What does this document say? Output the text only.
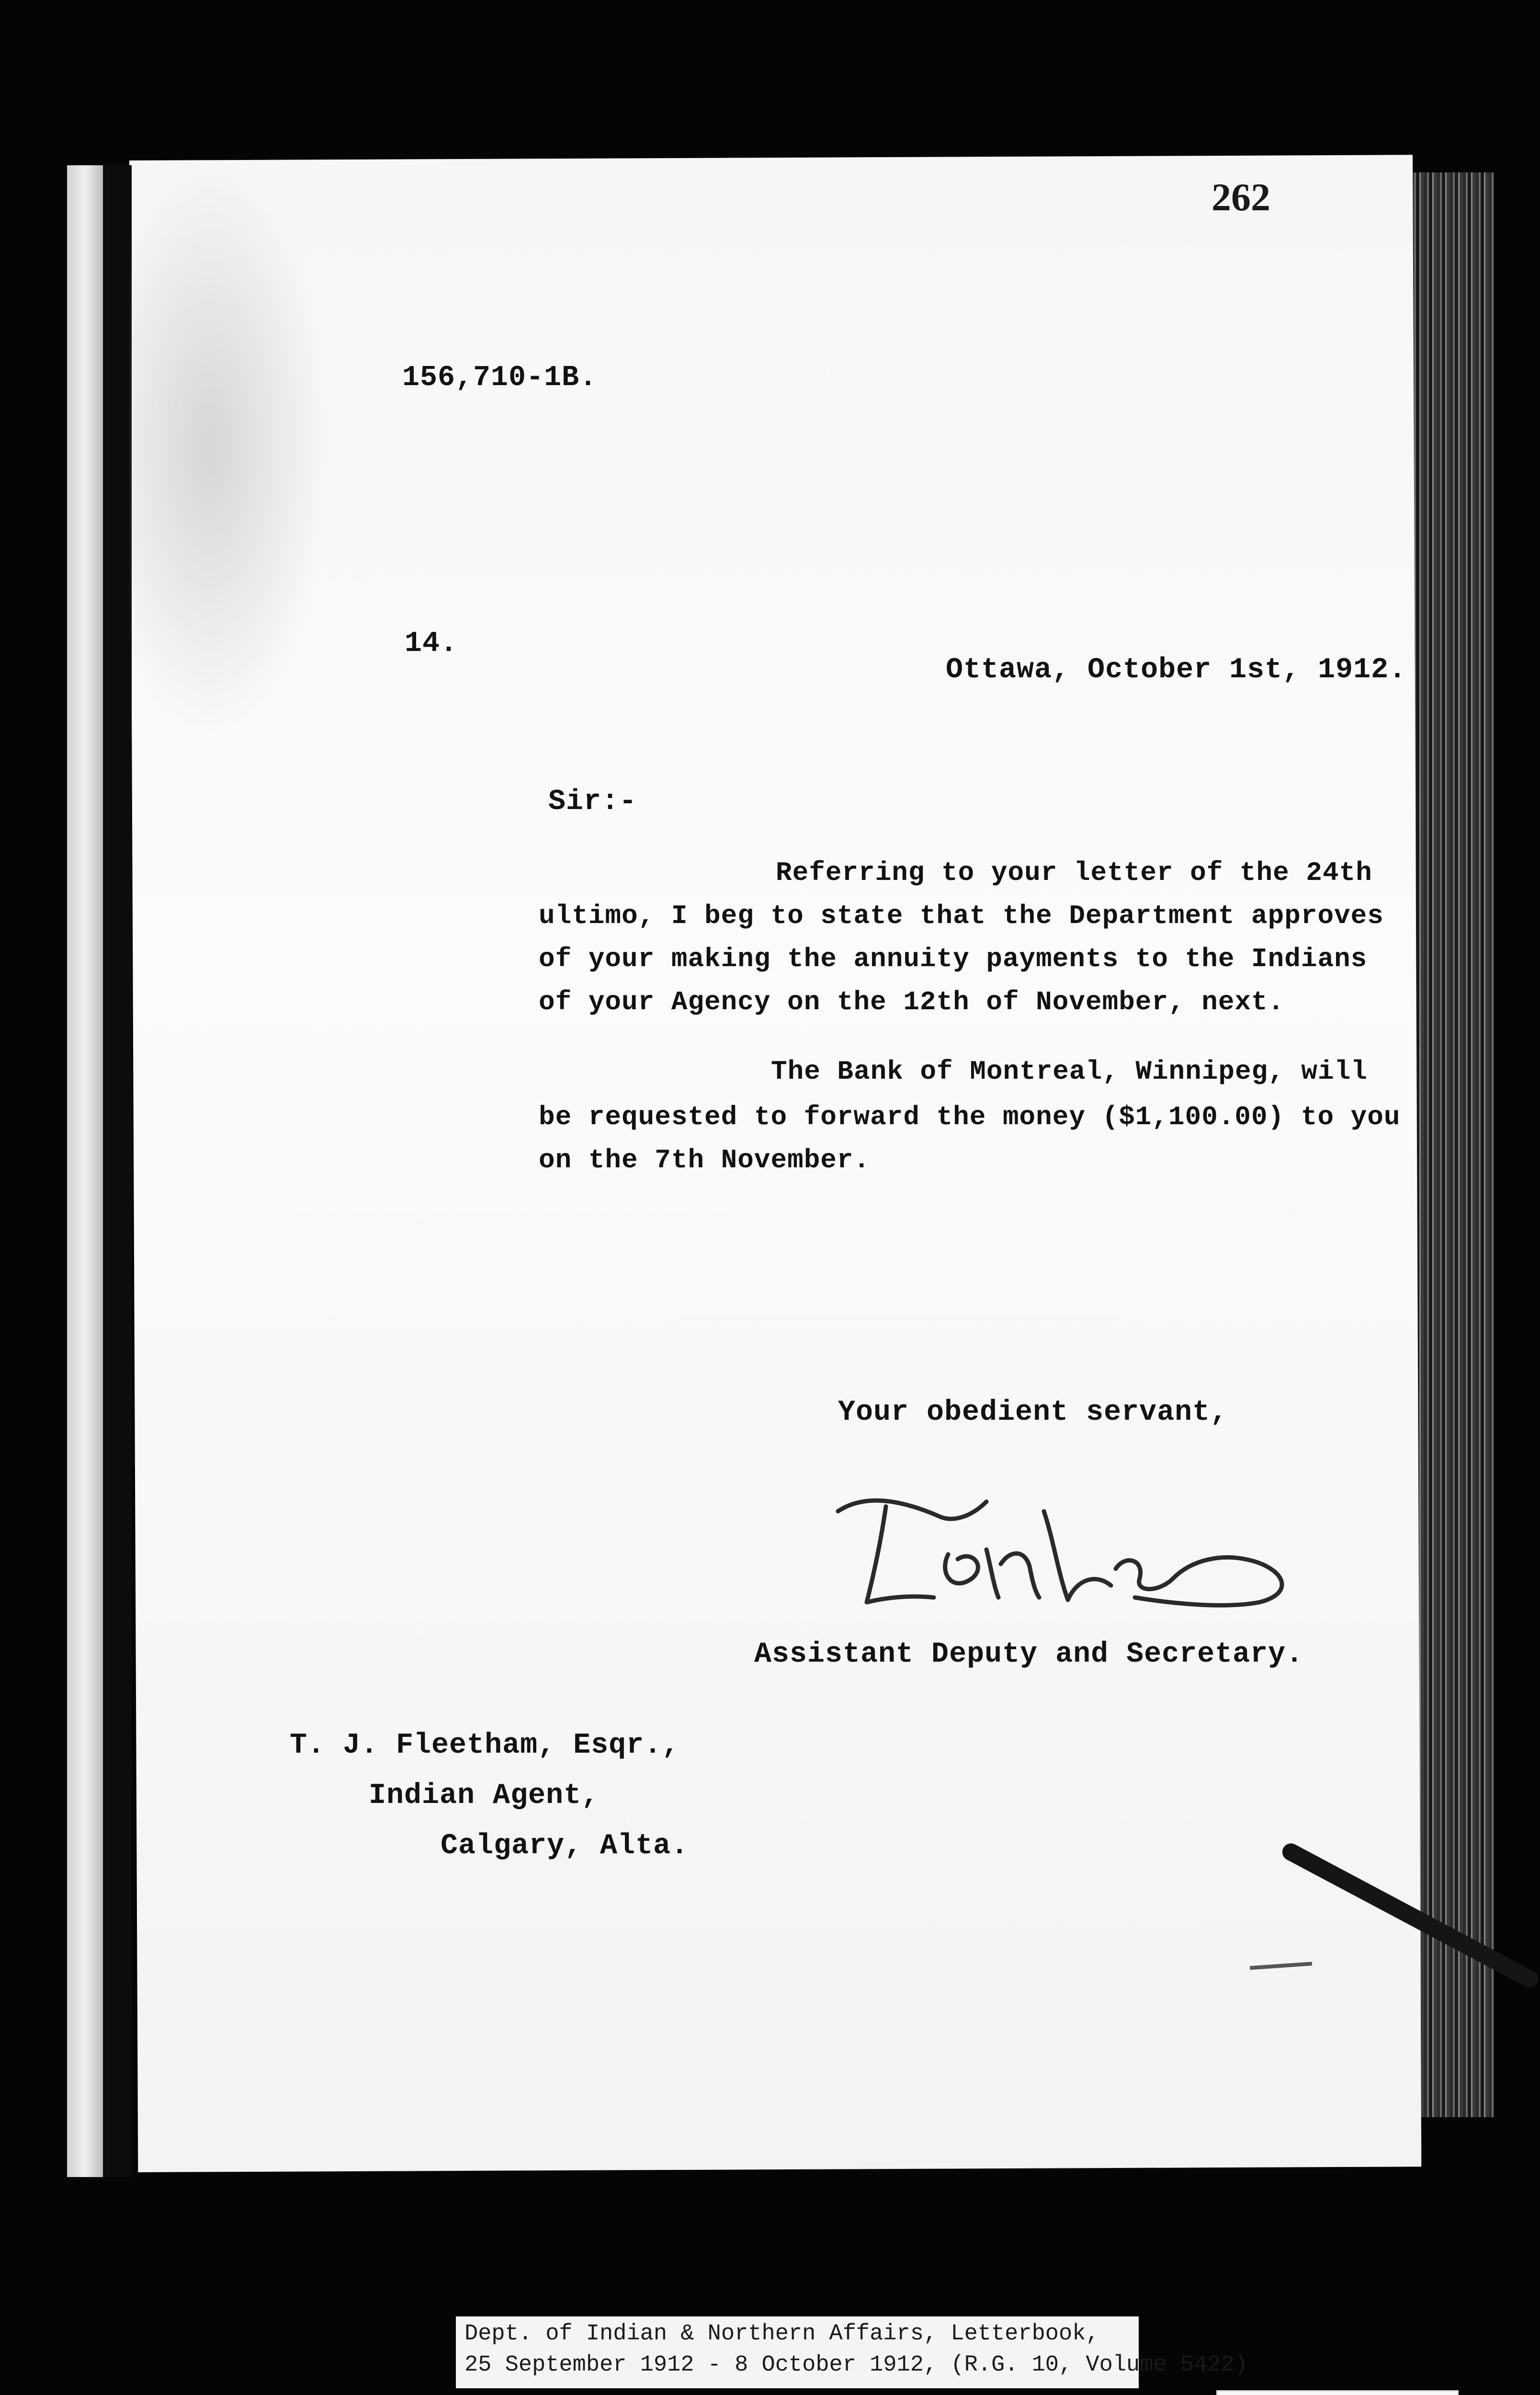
262
156,710-1B.
14.
Ottawa, October 1st, 1912.
Sir:-
Referring to your letter of the 24th
ultimo, I beg to state that the Department approves
of your making the annuity payments to the Indians
of your Agency on the 12th of November, next.
The Bank of Montreal, Winnipeg, will
be requested to forward the money ($1,100.00) to you
on the 7th November.
Your obedient servant,
Assistant Deputy and Secretary.
T. J. Fleetham, Esqr.,
Indian Agent,
Calgary, Alta.
Dept. of Indian & Northern Affairs, Letterbook,
25 September 1912 - 8 October 1912, (R.G. 10, Volume 5422)
